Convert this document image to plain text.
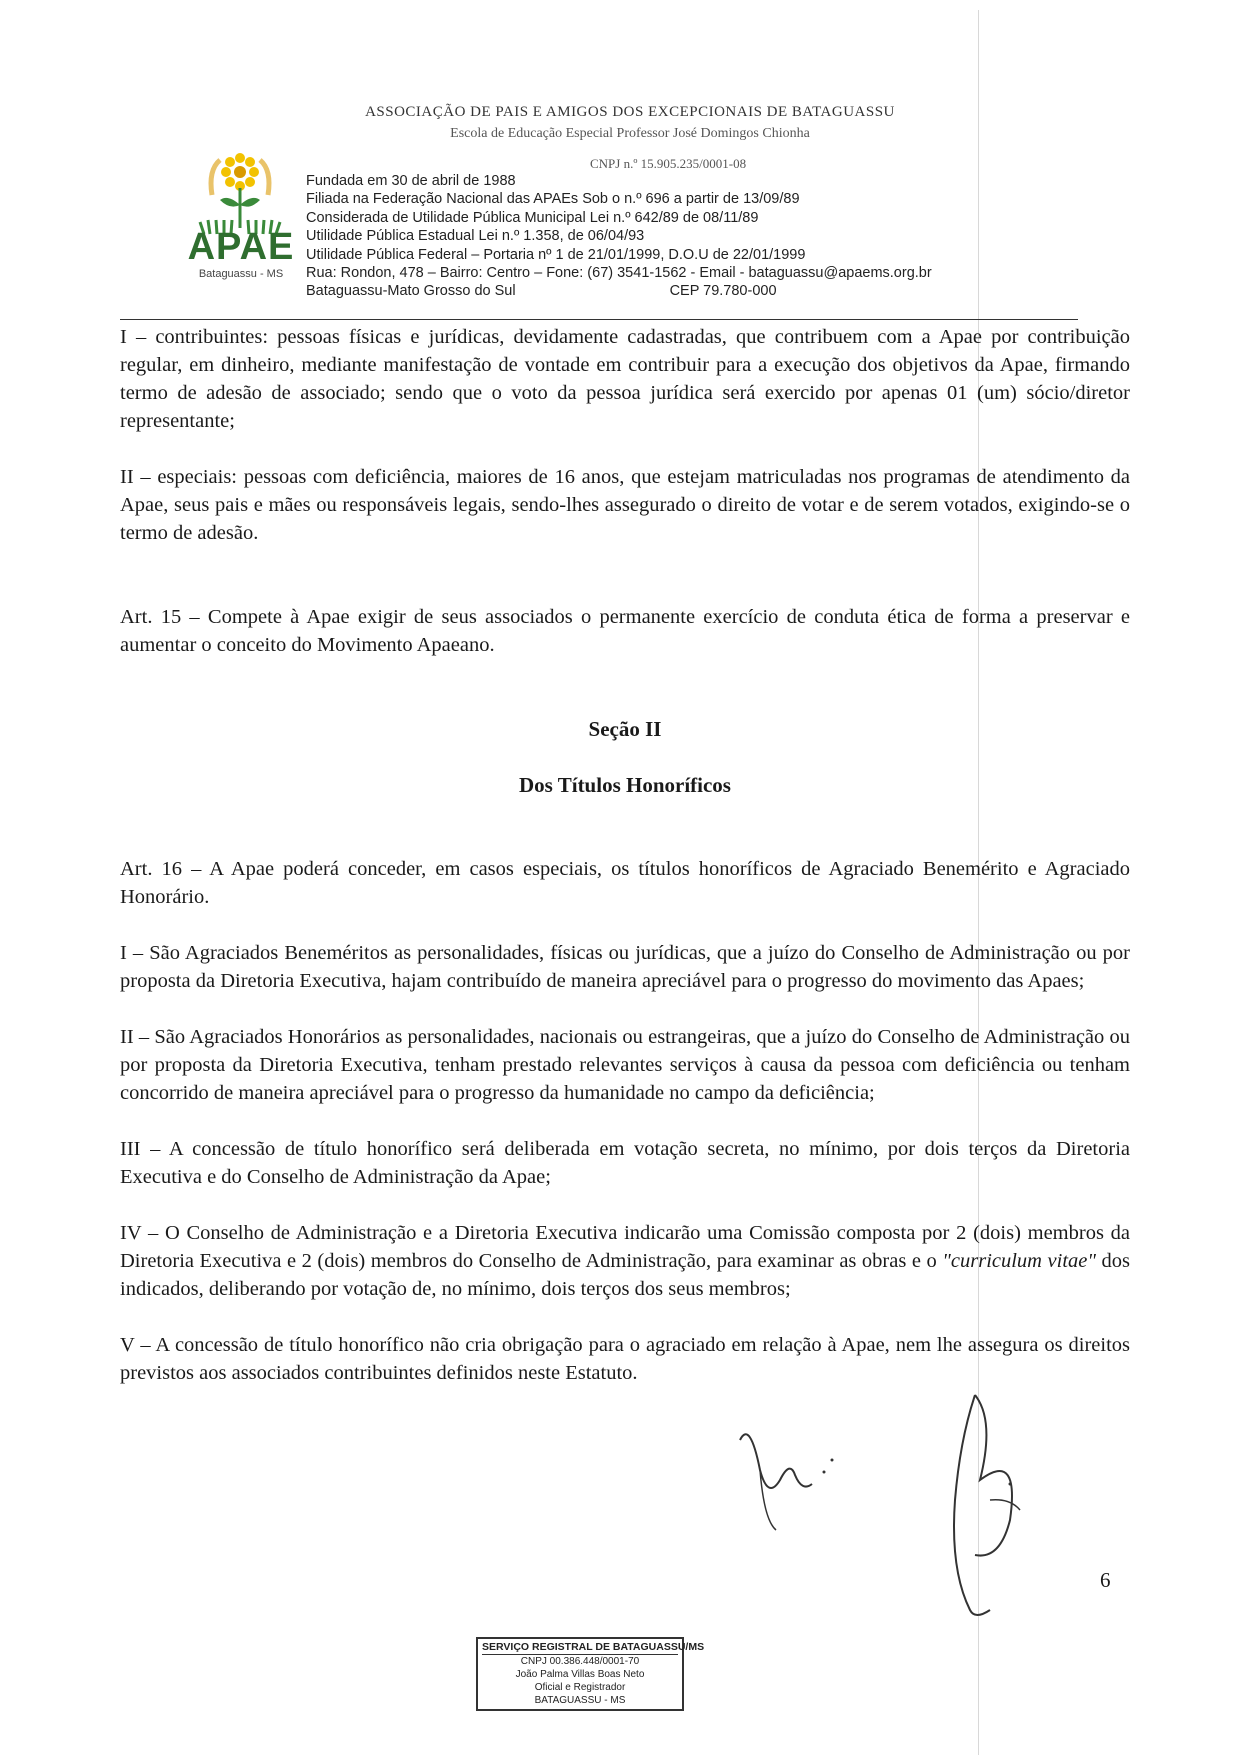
APAE
Bataguassu - MS
ASSOCIAÇÃO DE PAIS E AMIGOS DOS EXCEPCIONAIS DE BATAGUASSU
Escola de Educação Especial Professor José Domingos Chionha
CNPJ n.º 15.905.235/0001-08
Fundada em 30 de abril de 1988
Filiada na Federação Nacional das APAEs Sob o n.º 696 a partir de 13/09/89
Considerada de Utilidade Pública Municipal Lei n.º 642/89 de 08/11/89
Utilidade Pública Estadual Lei n.º 1.358, de 06/04/93
Utilidade Pública Federal – Portaria nº 1 de 21/01/1999, D.O.U de 22/01/1999
Rua: Rondon, 478 – Bairro: Centro – Fone: (67) 3541-1562 - Email - bataguassu@apaems.org.br
Bataguassu-Mato Grosso do Sul	CEP 79.780-000

I – contribuintes: pessoas físicas e jurídicas, devidamente cadastradas, que contribuem com a Apae por contribuição regular, em dinheiro, mediante manifestação de vontade em contribuir para a execução dos objetivos da Apae, firmando termo de adesão de associado; sendo que o voto da pessoa jurídica será exercido por apenas 01 (um) sócio/diretor representante;

II – especiais: pessoas com deficiência, maiores de 16 anos, que estejam matriculadas nos programas de atendimento da Apae, seus pais e mães ou responsáveis legais, sendo-lhes assegurado o direito de votar e de serem votados, exigindo-se o termo de adesão.

Art. 15 – Compete à Apae exigir de seus associados o permanente exercício de conduta ética de forma a preservar e aumentar o conceito do Movimento Apaeano.

Seção II

Dos Títulos Honoríficos

Art. 16 – A Apae poderá conceder, em casos especiais, os títulos honoríficos de Agraciado Benemérito e Agraciado Honorário.

I – São Agraciados Beneméritos as personalidades, físicas ou jurídicas, que a juízo do Conselho de Administração ou por proposta da Diretoria Executiva, hajam contribuído de maneira apreciável para o progresso do movimento das Apaes;

II – São Agraciados Honorários as personalidades, nacionais ou estrangeiras, que a juízo do Conselho de Administração ou por proposta da Diretoria Executiva, tenham prestado relevantes serviços à causa da pessoa com deficiência ou tenham concorrido de maneira apreciável para o progresso da humanidade no campo da deficiência;

III – A concessão de título honorífico será deliberada em votação secreta, no mínimo, por dois terços da Diretoria Executiva e do Conselho de Administração da Apae;

IV – O Conselho de Administração e a Diretoria Executiva indicarão uma Comissão composta por 2 (dois) membros da Diretoria Executiva e 2 (dois) membros do Conselho de Administração, para examinar as obras e o "curriculum vitae" dos indicados, deliberando por votação de, no mínimo, dois terços dos seus membros;

V – A concessão de título honorífico não cria obrigação para o agraciado em relação à Apae, nem lhe assegura os direitos previstos aos associados contribuintes definidos neste Estatuto.

6
SERVIÇO REGISTRAL DE BATAGUASSU/MS
CNPJ 00.386.448/0001-70
João Palma Villas Boas Neto
Oficial e Registrador
BATAGUASSU - MS
